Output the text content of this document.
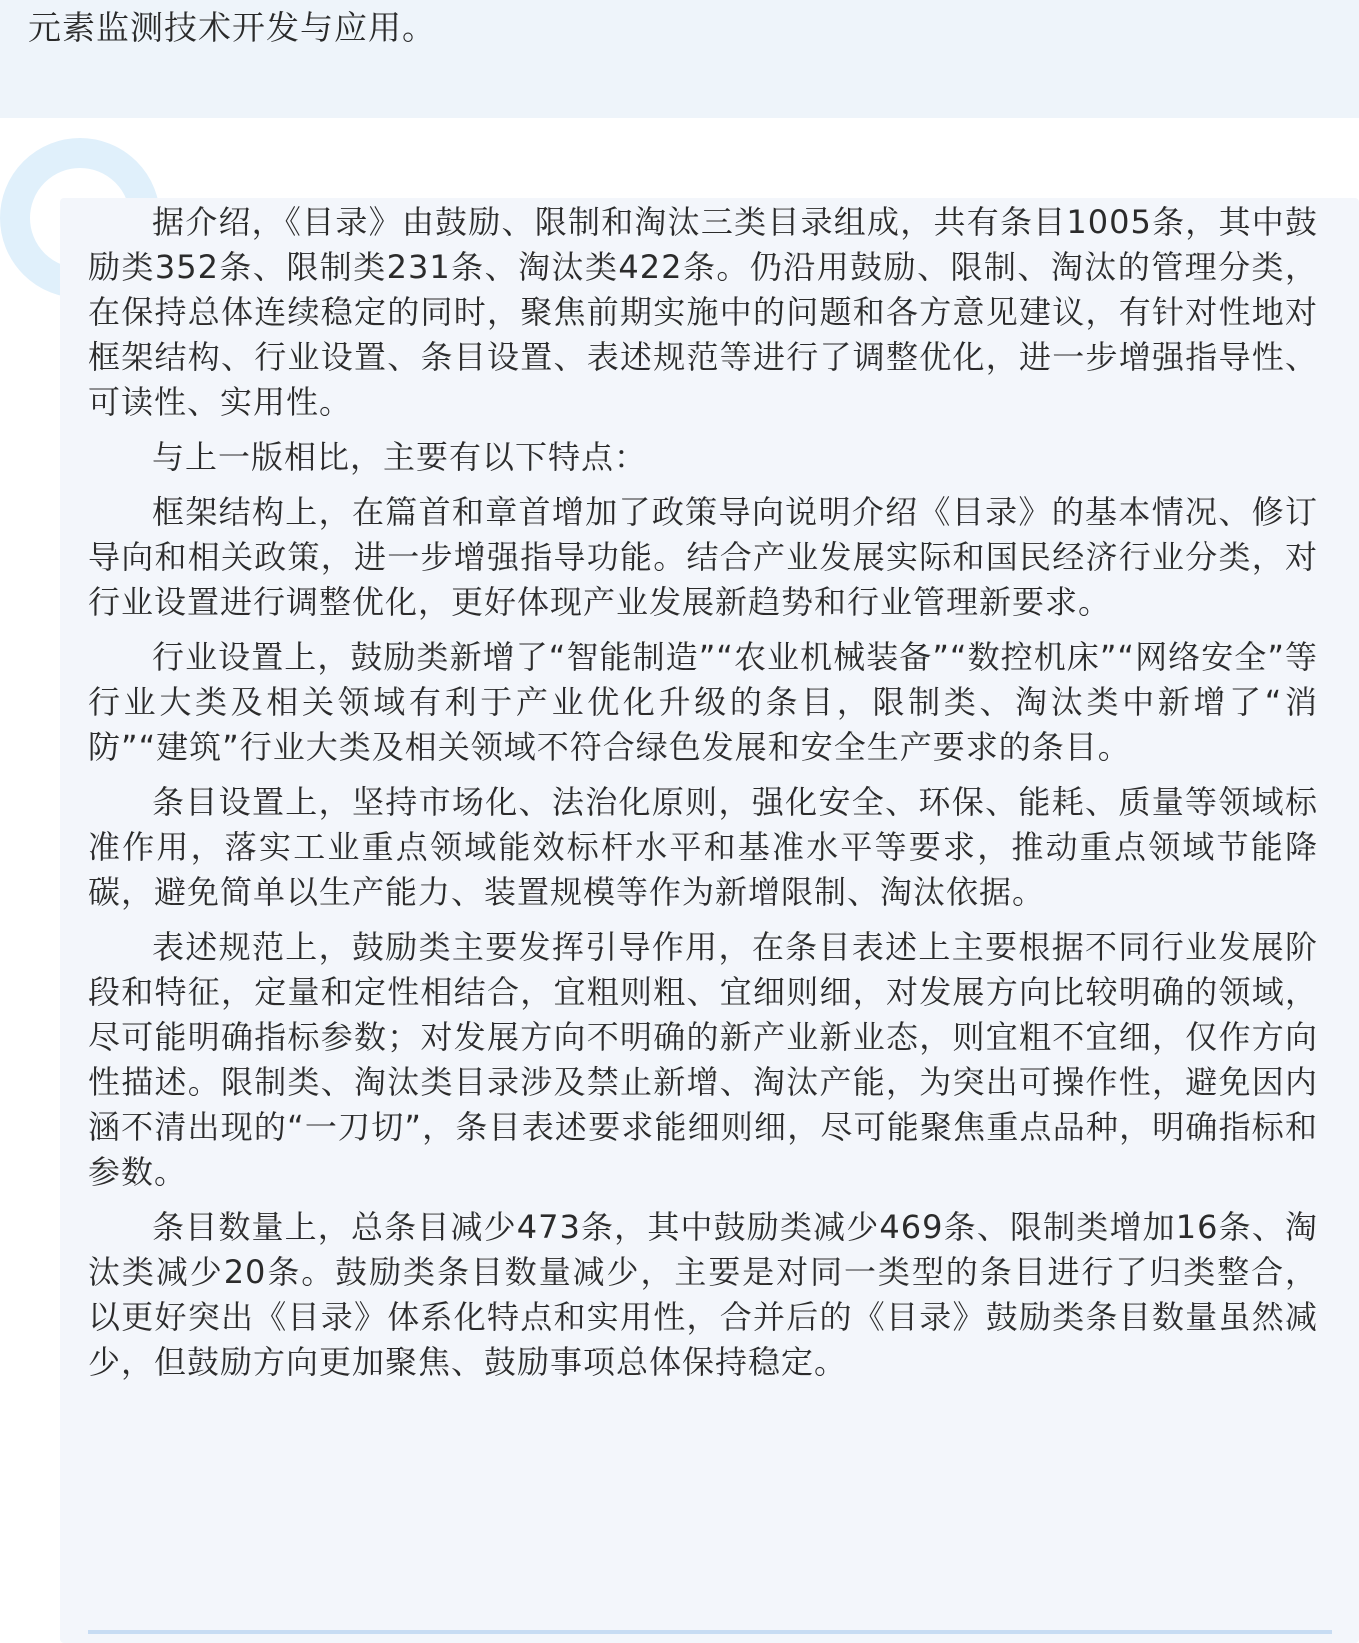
元素监测技术开发与应用。

据介绍，《目录》由鼓励、限制和淘汰三类目录组成，共有条目1005条，其中鼓励类352条、限制类231条、淘汰类422条。仍沿用鼓励、限制、淘汰的管理分类，在保持总体连续稳定的同时，聚焦前期实施中的问题和各方意见建议，有针对性地对框架结构、行业设置、条目设置、表述规范等进行了调整优化，进一步增强指导性、可读性、实用性。

与上一版相比，主要有以下特点：

框架结构上，在篇首和章首增加了政策导向说明介绍《目录》的基本情况、修订导向和相关政策，进一步增强指导功能。结合产业发展实际和国民经济行业分类，对行业设置进行调整优化，更好体现产业发展新趋势和行业管理新要求。

行业设置上，鼓励类新增了“智能制造”“农业机械装备”“数控机床”“网络安全”等行业大类及相关领域有利于产业优化升级的条目，限制类、淘汰类中新增了“消防”“建筑”行业大类及相关领域不符合绿色发展和安全生产要求的条目。

条目设置上，坚持市场化、法治化原则，强化安全、环保、能耗、质量等领域标准作用，落实工业重点领域能效标杆水平和基准水平等要求，推动重点领域节能降碳，避免简单以生产能力、装置规模等作为新增限制、淘汰依据。

表述规范上，鼓励类主要发挥引导作用，在条目表述上主要根据不同行业发展阶段和特征，定量和定性相结合，宜粗则粗、宜细则细，对发展方向比较明确的领域，尽可能明确指标参数；对发展方向不明确的新产业新业态，则宜粗不宜细，仅作方向性描述。限制类、淘汰类目录涉及禁止新增、淘汰产能，为突出可操作性，避免因内涵不清出现的“一刀切”，条目表述要求能细则细，尽可能聚焦重点品种，明确指标和参数。

条目数量上，总条目减少473条，其中鼓励类减少469条、限制类增加16条、淘汰类减少20条。鼓励类条目数量减少，主要是对同一类型的条目进行了归类整合，以更好突出《目录》体系化特点和实用性，合并后的《目录》鼓励类条目数量虽然减少，但鼓励方向更加聚焦、鼓励事项总体保持稳定。
